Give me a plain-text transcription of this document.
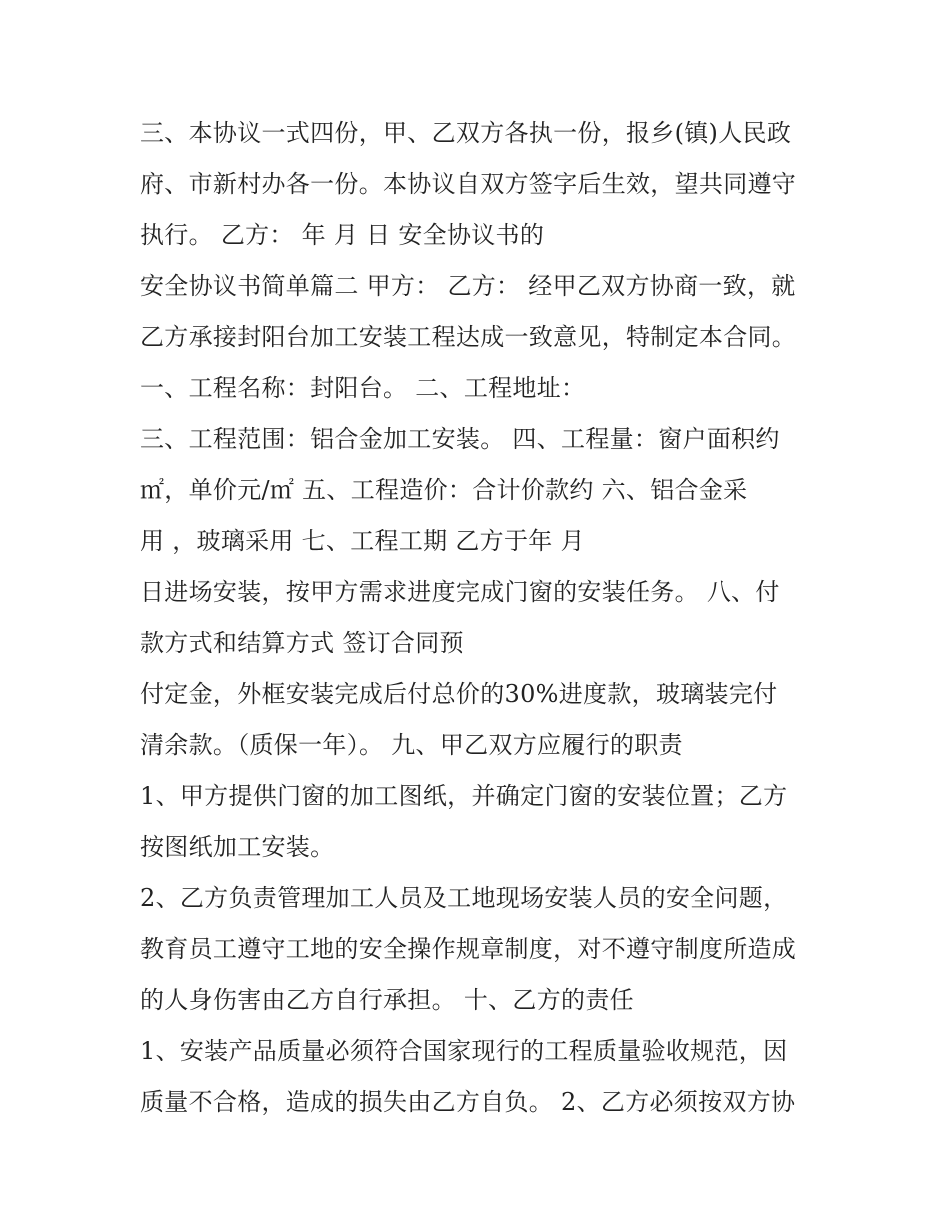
三、本协议一式四份，甲、乙双方各执一份，报乡(镇)人民政
府、市新村办各一份。本协议自双方签字后生效，望共同遵守
执行。 乙方： 年 月 日 安全协议书的
安全协议书简单篇二 甲方： 乙方： 经甲乙双方协商一致，就
乙方承接封阳台加工安装工程达成一致意见，特制定本合同。
一、工程名称：封阳台。 二、工程地址：
三、工程范围：铝合金加工安装。 四、工程量：窗户面积约
㎡，单价元/㎡ 五、工程造价：合计价款约 六、铝合金采
用 ，玻璃采用 七、工程工期 乙方于年 月
日进场安装，按甲方需求进度完成门窗的安装任务。 八、付
款方式和结算方式 签订合同预
付定金，外框安装完成后付总价的30%进度款，玻璃装完付
清余款。（质保一年）。 九、甲乙双方应履行的职责
1、甲方提供门窗的加工图纸，并确定门窗的安装位置；乙方
按图纸加工安装。
2、乙方负责管理加工人员及工地现场安装人员的安全问题，
教育员工遵守工地的安全操作规章制度，对不遵守制度所造成
的人身伤害由乙方自行承担。 十、乙方的责任
1、安装产品质量必须符合国家现行的工程质量验收规范，因
质量不合格，造成的损失由乙方自负。 2、乙方必须按双方协
